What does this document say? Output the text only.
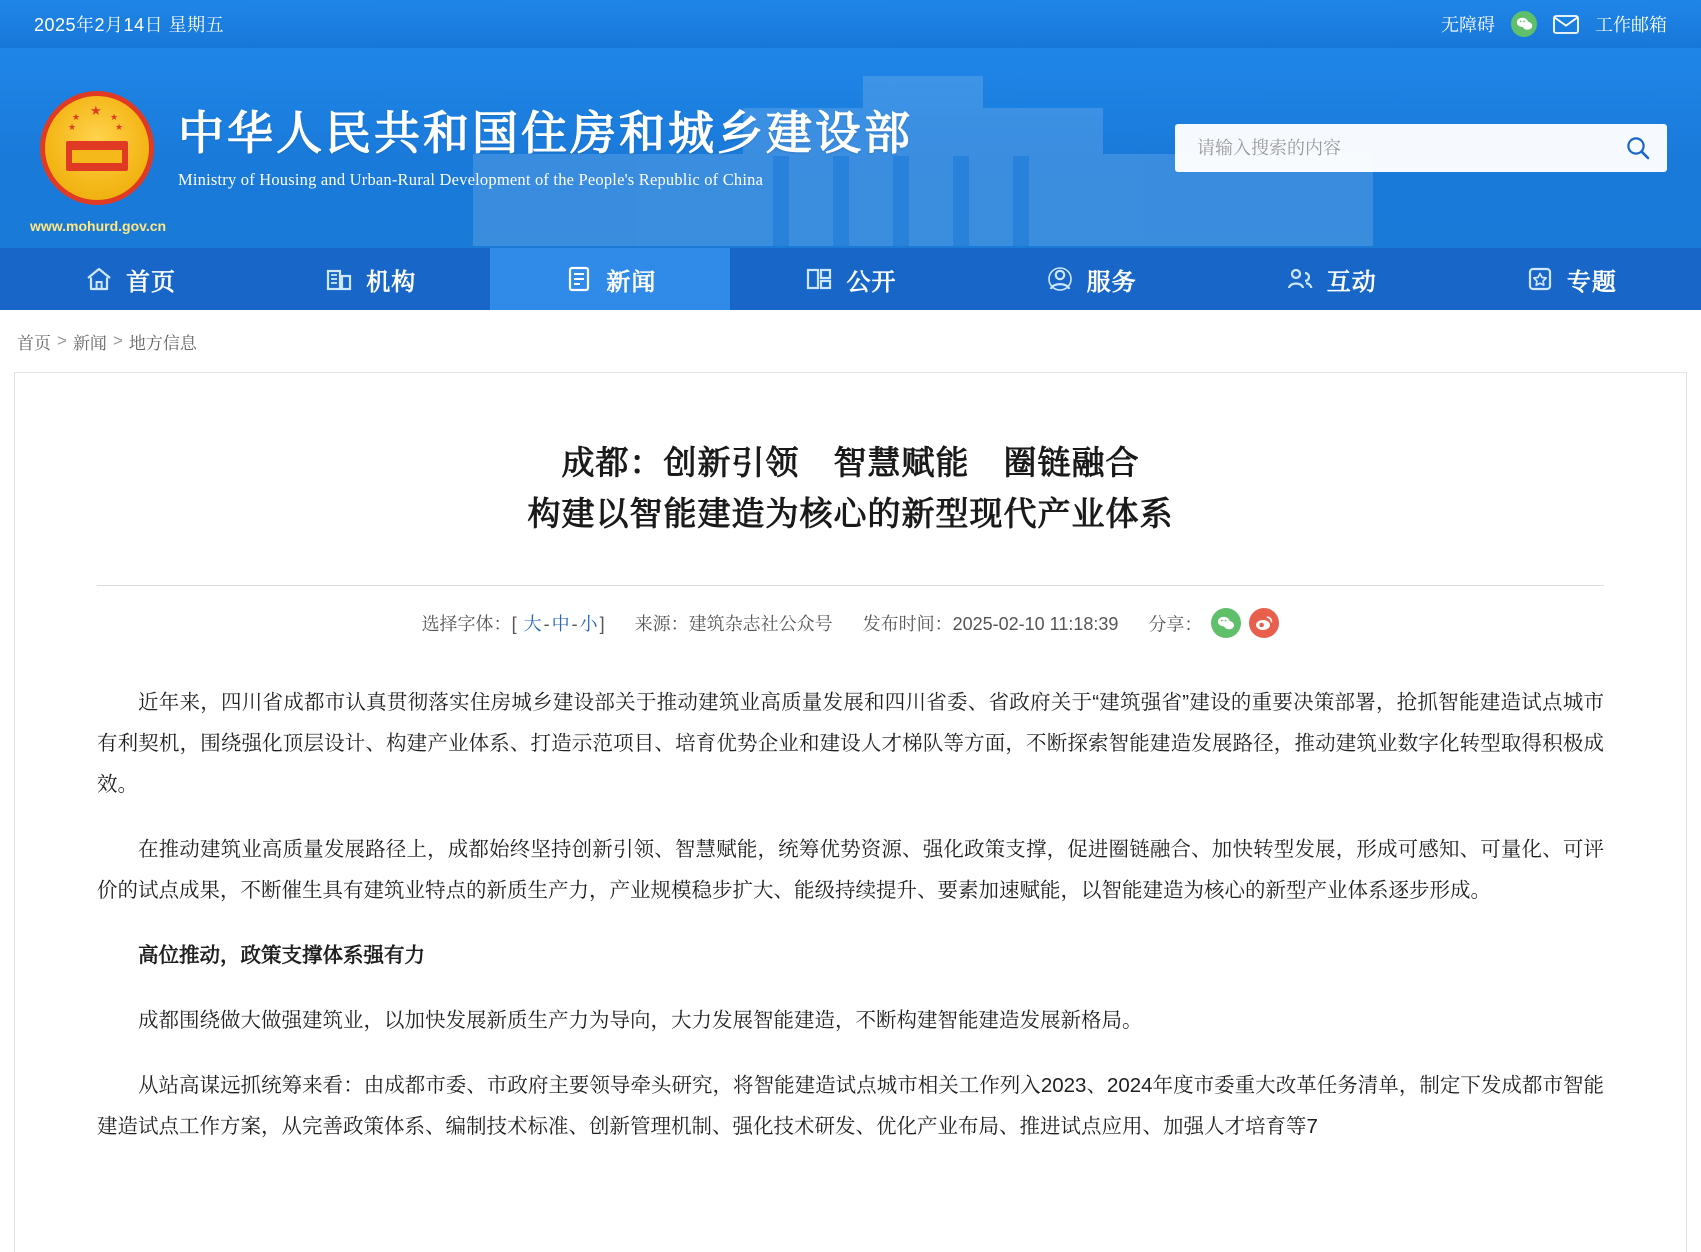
2025年2月14日 星期五	无障碍	工作邮箱
★
★
★
★
★ 中华人民共和国住房和城乡建设部
Ministry of Housing and Urban-Rural Development of the People's Republic of China
请输入搜索的内容
www.mohurd.gov.cn
首页	机构	新闻	公开	服务	互动	专题
首页 > 新闻 > 地方信息
成都：创新引领　智慧赋能　圈链融合
构建以智能建造为核心的新型现代产业体系
选择字体：[ 大 - 中 - 小 ] 来源：建筑杂志社公众号 发布时间：2025-02-10 11:18:39 分享：

近年来，四川省成都市认真贯彻落实住房城乡建设部关于推动建筑业高质量发展和四川省委、省政府关于“建筑强省”建设的重要决策部署，抢抓智能建造试点城市有利契机，围绕强化顶层设计、构建产业体系、打造示范项目、培育优势企业和建设人才梯队等方面，不断探索智能建造发展路径，推动建筑业数字化转型取得积极成效。

在推动建筑业高质量发展路径上，成都始终坚持创新引领、智慧赋能，统筹优势资源、强化政策支撑，促进圈链融合、加快转型发展，形成可感知、可量化、可评价的试点成果，不断催生具有建筑业特点的新质生产力，产业规模稳步扩大、能级持续提升、要素加速赋能，以智能建造为核心的新型产业体系逐步形成。

高位推动，政策支撑体系强有力

成都围绕做大做强建筑业，以加快发展新质生产力为导向，大力发展智能建造，不断构建智能建造发展新格局。

从站高谋远抓统筹来看：由成都市委、市政府主要领导牵头研究，将智能建造试点城市相关工作列入2023、2024年度市委重大改革任务清单，制定下发成都市智能建造试点工作方案，从完善政策体系、编制技术标准、创新管理机制、强化技术研发、优化产业布局、推进试点应用、加强人才培育等7
